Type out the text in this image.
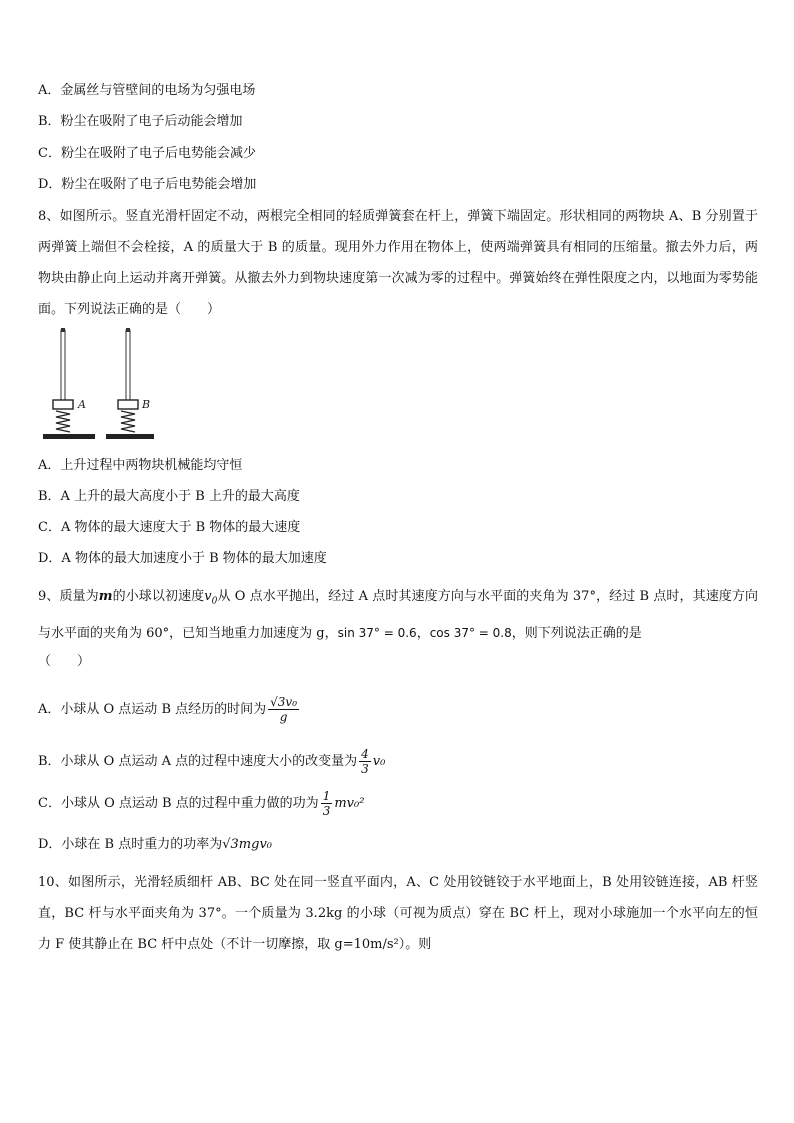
A．金属丝与管壁间的电场为匀强电场
B．粉尘在吸附了电子后动能会增加
C．粉尘在吸附了电子后电势能会减少
D．粉尘在吸附了电子后电势能会增加
8、如图所示。竖直光滑杆固定不动，两根完全相同的轻质弹簧套在杆上，弹簧下端固定。形状相同的两物块 A、B 分别置于两弹簧上端但不会栓接，A 的质量大于 B 的质量。现用外力作用在物体上，使两端弹簧具有相同的压缩量。撤去外力后，两物块由静止向上运动并离开弹簧。从撤去外力到物块速度第一次减为零的过程中。弹簧始终在弹性限度之内，以地面为零势能面。下列说法正确的是（　　）
A	B
A．上升过程中两物块机械能均守恒
B．A 上升的最大高度小于 B 上升的最大高度
C．A 物体的最大速度大于 B 物体的最大速度
D．A 物体的最大加速度小于 B 物体的最大加速度
9、质量为m的小球以初速度$v_0$从 O 点水平抛出，经过 A 点时其速度方向与水平面的夹角为 37°，经过 B 点时，其速度方向与水平面的夹角为 60°，已知当地重力加速度为 g，sin 37° = 0.6，cos 37° = 0.8，则下列说法正确的是
（　　）
A．小球从 O 点运动 B 点经历的时间为 $\frac{\text{√3v₀}}{g}$
B．小球从 O 点运动 A 点的过程中速度大小的改变量为 $\frac{4}{3} v_0$
C．小球从 O 点运动 B 点的过程中重力做的功为 $\frac{1}{3} mv_0^2$
D．小球在 B 点时重力的功率为√3mgv₀
10、如图所示，光滑轻质细杆 AB、BC 处在同一竖直平面内，A、C 处用铰链铰于水平地面上，B 处用铰链连接，AB 杆竖直，BC 杆与水平面夹角为 37°。一个质量为 3.2kg 的小球（可视为质点）穿在 BC 杆上，现对小球施加一个水平向左的恒力 F 使其静止在 BC 杆中点处（不计一切摩擦，取 g=10m/s²）。则
